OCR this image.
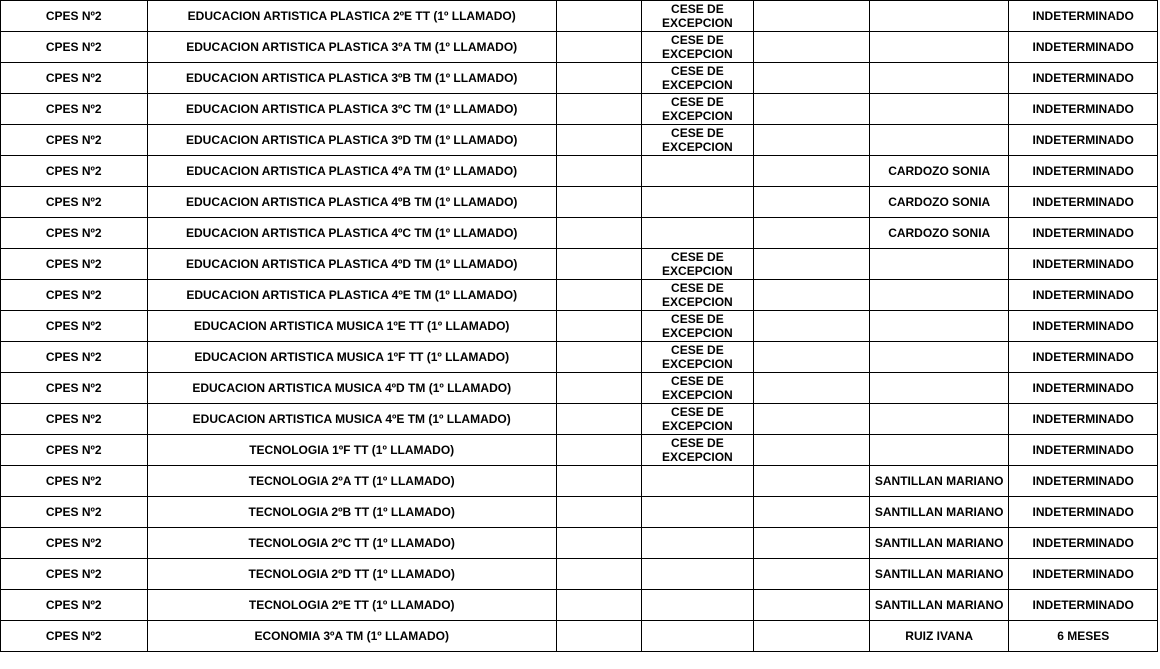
CPES Nº2	EDUCACION ARTISTICA PLASTICA 2ºE TT (1º LLAMADO)		CESE DE EXCEPCION			INDETERMINADO
CPES Nº2	EDUCACION ARTISTICA PLASTICA 3ºA TM (1º LLAMADO)		CESE DE EXCEPCION			INDETERMINADO
CPES Nº2	EDUCACION ARTISTICA PLASTICA 3ºB TM (1º LLAMADO)		CESE DE EXCEPCION			INDETERMINADO
CPES Nº2	EDUCACION ARTISTICA PLASTICA 3ºC TM (1º LLAMADO)		CESE DE EXCEPCION			INDETERMINADO
CPES Nº2	EDUCACION ARTISTICA PLASTICA 3ºD TM (1º LLAMADO)		CESE DE EXCEPCION			INDETERMINADO
CPES Nº2	EDUCACION ARTISTICA PLASTICA 4ºA TM (1º LLAMADO)				CARDOZO SONIA	INDETERMINADO
CPES Nº2	EDUCACION ARTISTICA PLASTICA 4ºB TM (1º LLAMADO)				CARDOZO SONIA	INDETERMINADO
CPES Nº2	EDUCACION ARTISTICA PLASTICA 4ºC TM (1º LLAMADO)				CARDOZO SONIA	INDETERMINADO
CPES Nº2	EDUCACION ARTISTICA PLASTICA 4ºD TM (1º LLAMADO)		CESE DE EXCEPCION			INDETERMINADO
CPES Nº2	EDUCACION ARTISTICA PLASTICA 4ºE TM (1º LLAMADO)		CESE DE EXCEPCION			INDETERMINADO
CPES Nº2	EDUCACION ARTISTICA MUSICA 1ºE TT (1º LLAMADO)		CESE DE EXCEPCION			INDETERMINADO
CPES Nº2	EDUCACION ARTISTICA MUSICA 1ºF TT (1º LLAMADO)		CESE DE EXCEPCION			INDETERMINADO
CPES Nº2	EDUCACION ARTISTICA MUSICA 4ºD TM (1º LLAMADO)		CESE DE EXCEPCION			INDETERMINADO
CPES Nº2	EDUCACION ARTISTICA MUSICA 4ºE TM (1º LLAMADO)		CESE DE EXCEPCION			INDETERMINADO
CPES Nº2	TECNOLOGIA 1ºF TT (1º LLAMADO)		CESE DE EXCEPCION			INDETERMINADO
CPES Nº2	TECNOLOGIA 2ºA TT (1º LLAMADO)				SANTILLAN MARIANO	INDETERMINADO
CPES Nº2	TECNOLOGIA 2ºB TT (1º LLAMADO)				SANTILLAN MARIANO	INDETERMINADO
CPES Nº2	TECNOLOGIA 2ºC TT (1º LLAMADO)				SANTILLAN MARIANO	INDETERMINADO
CPES Nº2	TECNOLOGIA 2ºD TT (1º LLAMADO)				SANTILLAN MARIANO	INDETERMINADO
CPES Nº2	TECNOLOGIA 2ºE TT (1º LLAMADO)				SANTILLAN MARIANO	INDETERMINADO
CPES Nº2	ECONOMIA 3ºA TM (1º LLAMADO)				RUIZ IVANA	6 MESES
